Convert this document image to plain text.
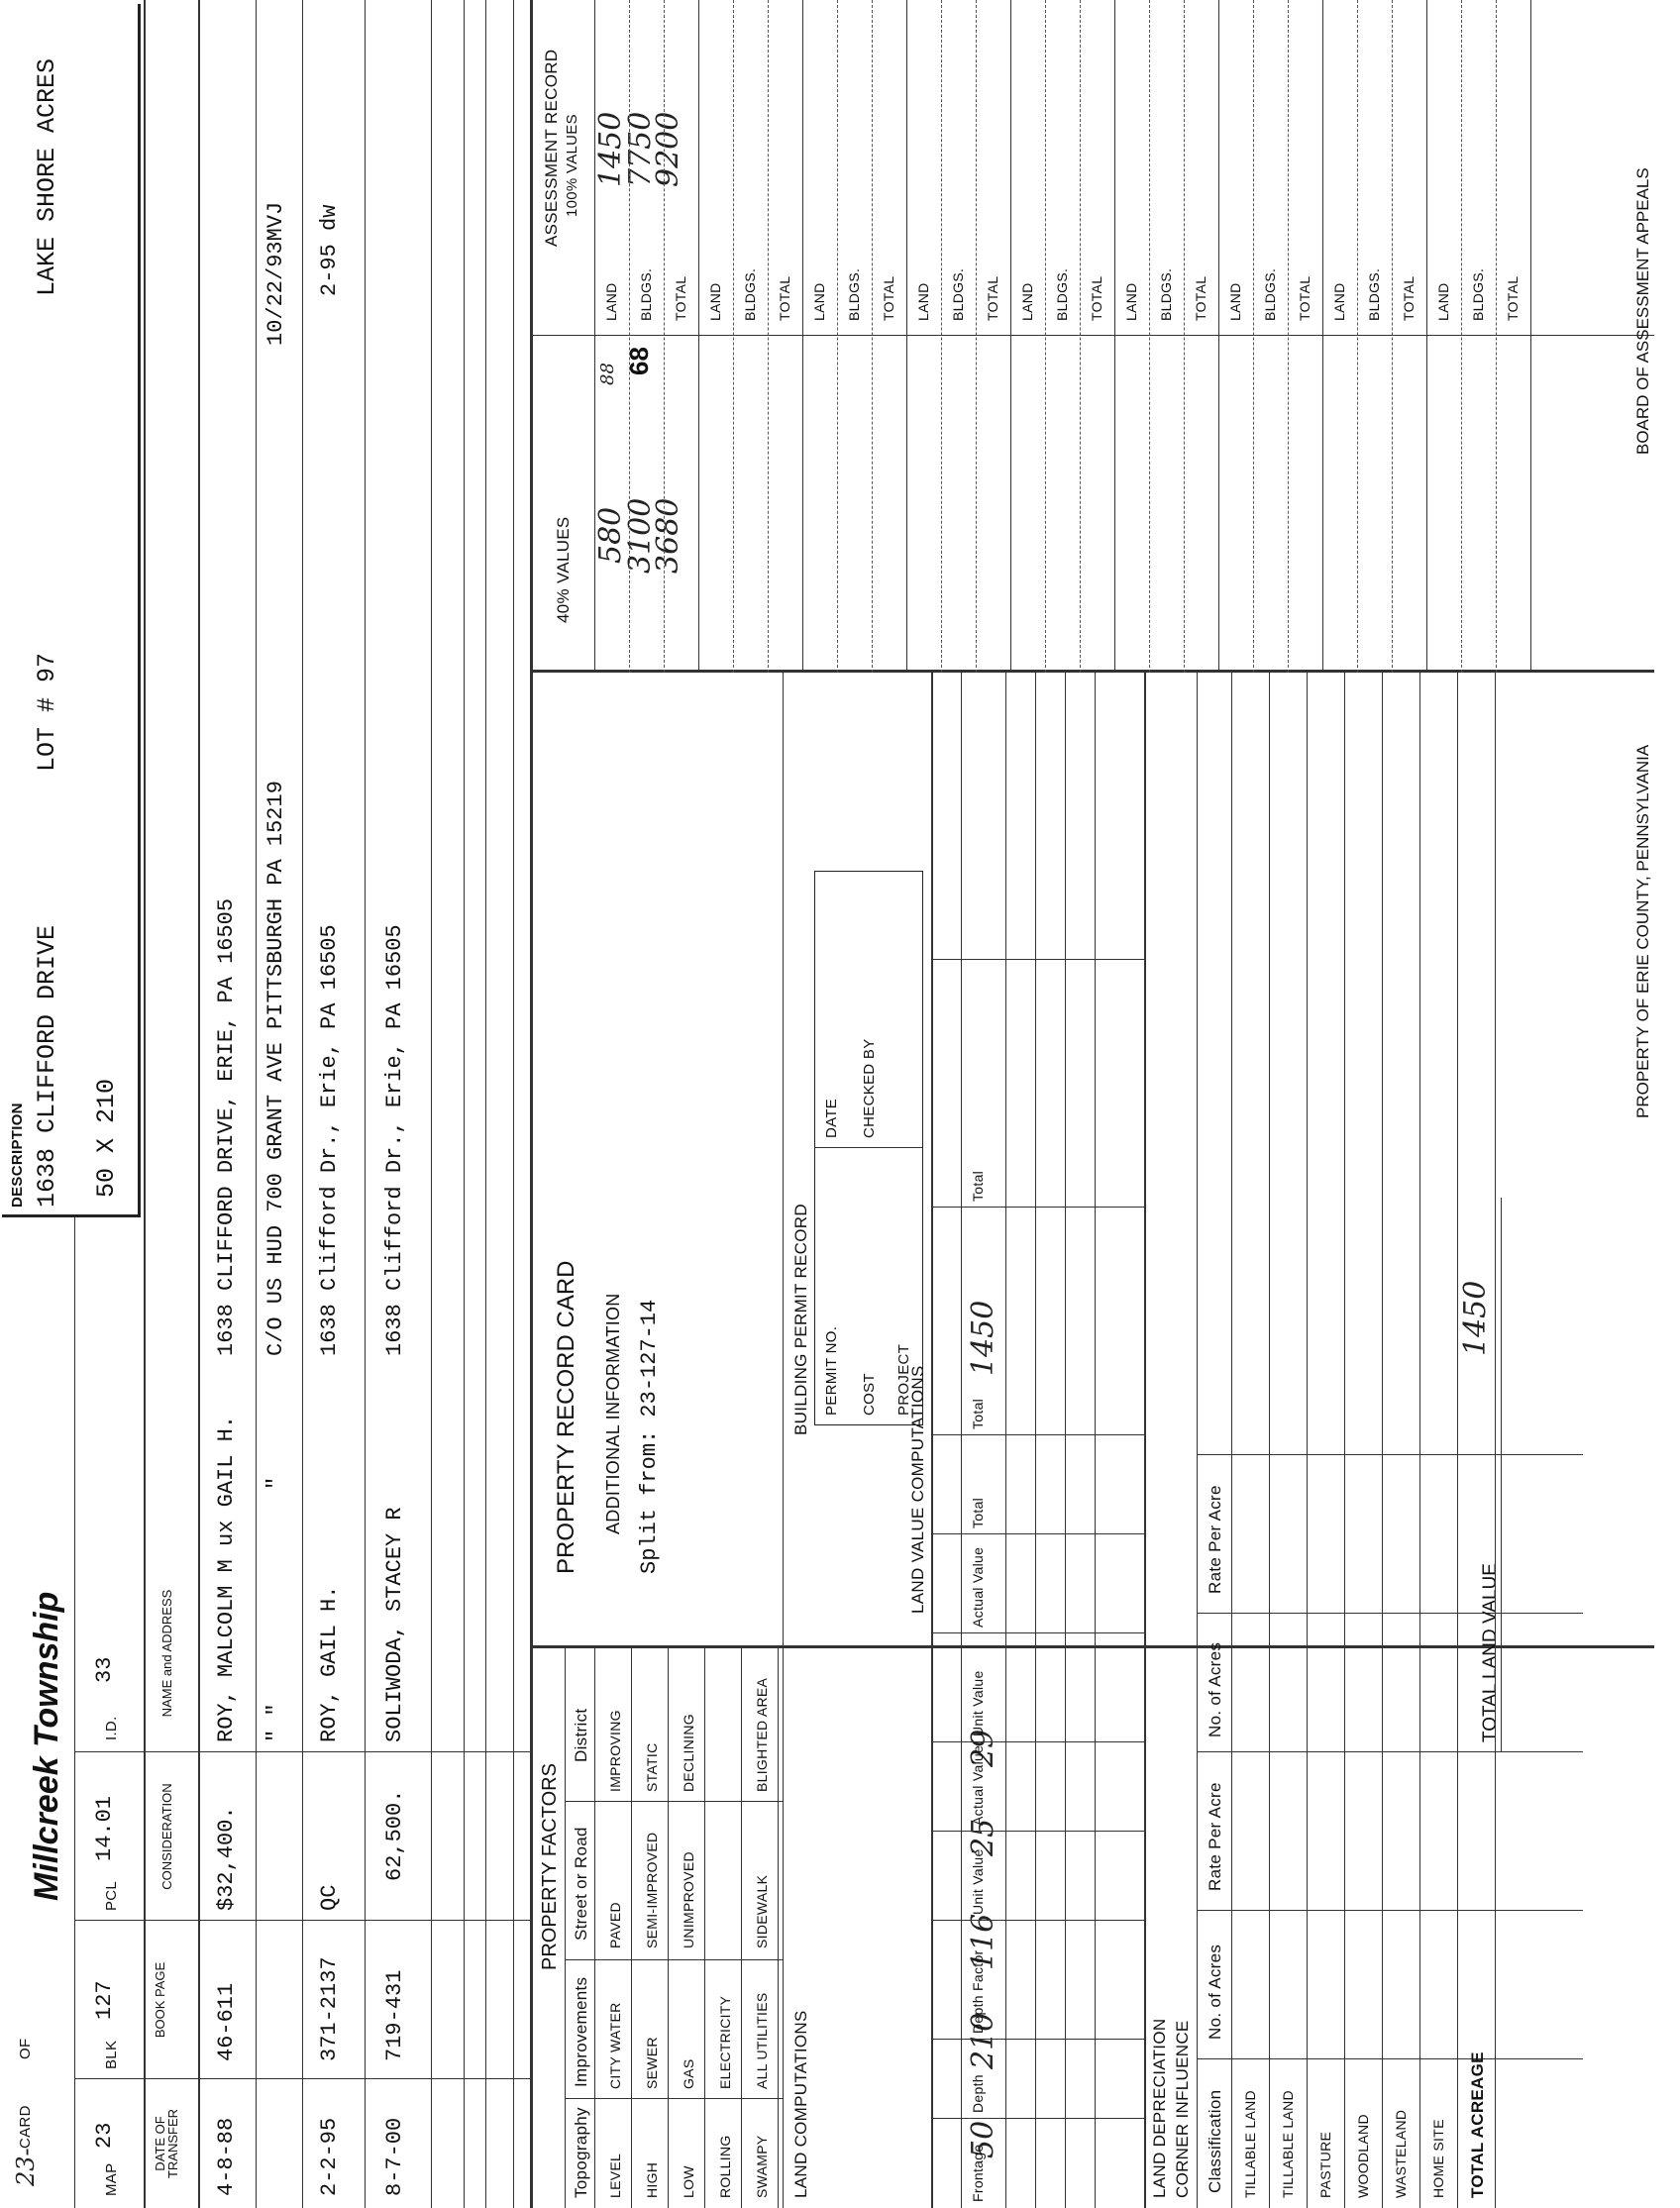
23-
CARD
OF
Millcreek Township
DESCRIPTION 1638 CLIFFORD DRIVE
LOT # 97
LAKE SHORE ACRES
50 X 210
MAP
23
BLK
127
PCL
14.01
I.D.
33
DATE OF TRANSFER
BOOK PAGE
CONSIDERATION
NAME and ADDRESS
4-8-88
46-611
$32,400.
ROY, MALCOLM M ux GAIL H.
1638 CLIFFORD DRIVE, ERIE, PA 16505
" "
"
C/O US HUD 700 GRANT AVE PITTSBURGH PA 15219
10/22/93MVJ
2-2-95
371-2137
QC
ROY, GAIL H.
1638 Clifford Dr., Erie, PA 16505
2-95 dw
8-7-00
719-431
62,500.
SOLIWODA, STACEY R
1638 Clifford Dr., Erie, PA 16505
PROPERTY FACTORS
Topography
Improvements
Street or Road
District
LAND COMPUTATIONS
LAND VALUE COMPUTATIONS
50
210
116
25
29
1450
LAND DEPRECIATION CORNER INFLUENCE Classification
No. of Acres
Rate Per Acre
No. of Acres
Rate Per Acre
TOTAL LAND VALUE
1450
PROPERTY RECORD CARD ADDITIONAL INFORMATION Split from: 23-127-14	BUILDING PERMIT RECORD PERMIT NO.
DATE
COST
CHECKED BY
PROJECT
40% VALUES
ASSESSMENT RECORD 100% VALUES
580
3100
3680
88 68
1450
7750
9200
PROPERTY OF ERIE COUNTY, PENNSYLVANIA
BOARD OF ASSESSMENT APPEALS
LEVEL
CITY WATER
PAVED
IMPROVING
HIGH
SEWER
SEMI-IMPROVED
STATIC
LOW
GAS
UNIMPROVED
DECLINING
ROLLING
ELECTRICITY
SWAMPY
ALL UTILITIES
SIDEWALK
BLIGHTED AREA
Frontage
Depth
Depth Factor
Unit Value
Actual Value
Unit Value
Actual Value
Total
Total
Total
TILLABLE LAND TILLABLE LAND PASTURE WOODLAND WASTELAND HOME SITE TOTAL ACREAGE
LAND BLDGS. TOTAL LAND BLDGS. TOTAL LAND BLDGS. TOTAL LAND BLDGS. TOTAL LAND BLDGS. TOTAL LAND BLDGS. TOTAL LAND BLDGS. TOTAL LAND BLDGS. TOTAL LAND BLDGS. TOTAL
